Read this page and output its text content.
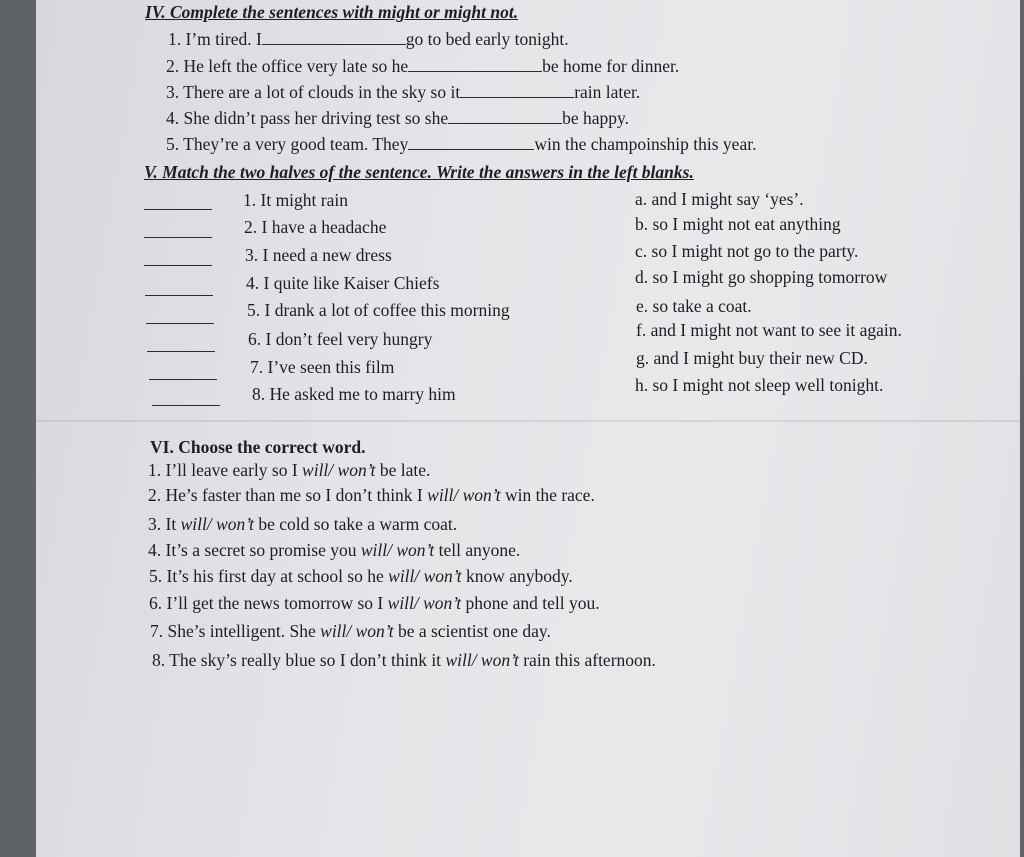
IV. Complete the sentences with might or might not.
1. I’m tired. I	go to bed early tonight.
2. He left the office very late so he	be home for dinner.
3. There are a lot of clouds in the sky so it	rain later.
4. She didn’t pass her driving test so she	be happy.
5. They’re a very good team. They	win the champoinship this year.
V. Match the two halves of the sentence. Write the answers in the left blanks.
1. It might rain
2. I have a headache
3. I need a new dress
4. I quite like Kaiser Chiefs
5. I drank a lot of coffee this morning
6. I don’t feel very hungry
7. I’ve seen this film
8. He asked me to marry him
a. and I might say ‘yes’.
b. so I might not eat anything
c. so I might not go to the party.
d. so I might go shopping tomorrow
e. so take a coat.
f. and I might not want to see it again.
g. and I might buy their new CD.
h. so I might not sleep well tonight.
VI. Choose the correct word.
1. I’ll leave early so I will/ won’t be late.
2. He’s faster than me so I don’t think I will/ won’t win the race.
3. It will/ won’t be cold so take a warm coat.
4. It’s a secret so promise you will/ won’t tell anyone.
5. It’s his first day at school so he will/ won’t know anybody.
6. I’ll get the news tomorrow so I will/ won’t phone and tell you.
7. She’s intelligent. She will/ won’t be a scientist one day.
8. The sky’s really blue so I don’t think it will/ won’t rain this afternoon.
